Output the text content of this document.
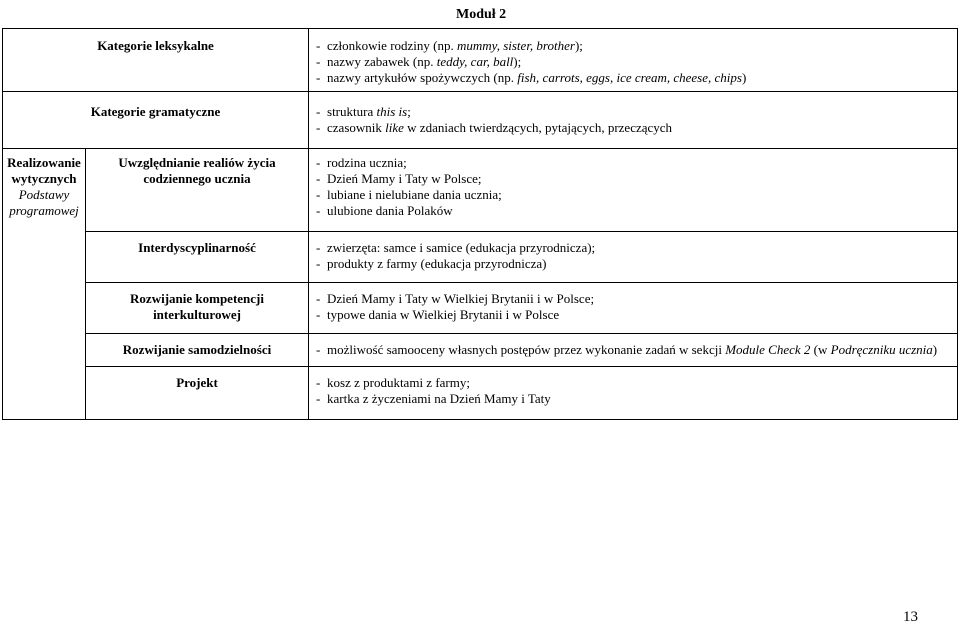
Moduł 2
Kategorie leksykalne		- członkowie rodziny (np. mummy, sister, brother);
- nazwy zabawek (np. teddy, car, ball);
- nazwy artykułów spożywczych (np. fish, carrots, eggs, ice cream, cheese, chips)

Kategorie gramatyczne		- struktura this is;
- czasownik like w zdaniach twierdzących, pytających, przeczących

Realizowanie
wytycznych
Podstawy
programowej	Uwzględnianie realiów życia
codziennego ucznia	- rodzina ucznia;
- Dzień Mamy i Taty w Polsce;
- lubiane i nielubiane dania ucznia;
- ulubione dania Polaków

	Interdyscyplinarność	- zwierzęta: samce i samice (edukacja przyrodnicza);
- produkty z farmy (edukacja przyrodnicza)

	Rozwijanie kompetencji
interkulturowej	- Dzień Mamy i Taty w Wielkiej Brytanii i w Polsce;
- typowe dania w Wielkiej Brytanii i w Polsce

	Rozwijanie samodzielności	- możliwość samooceny własnych postępów przez wykonanie zadań w sekcji Module Check 2 (w Podręczniku ucznia)

	Projekt	- kosz z produktami z farmy;
- kartka z życzeniami na Dzień Mamy i Taty
13
